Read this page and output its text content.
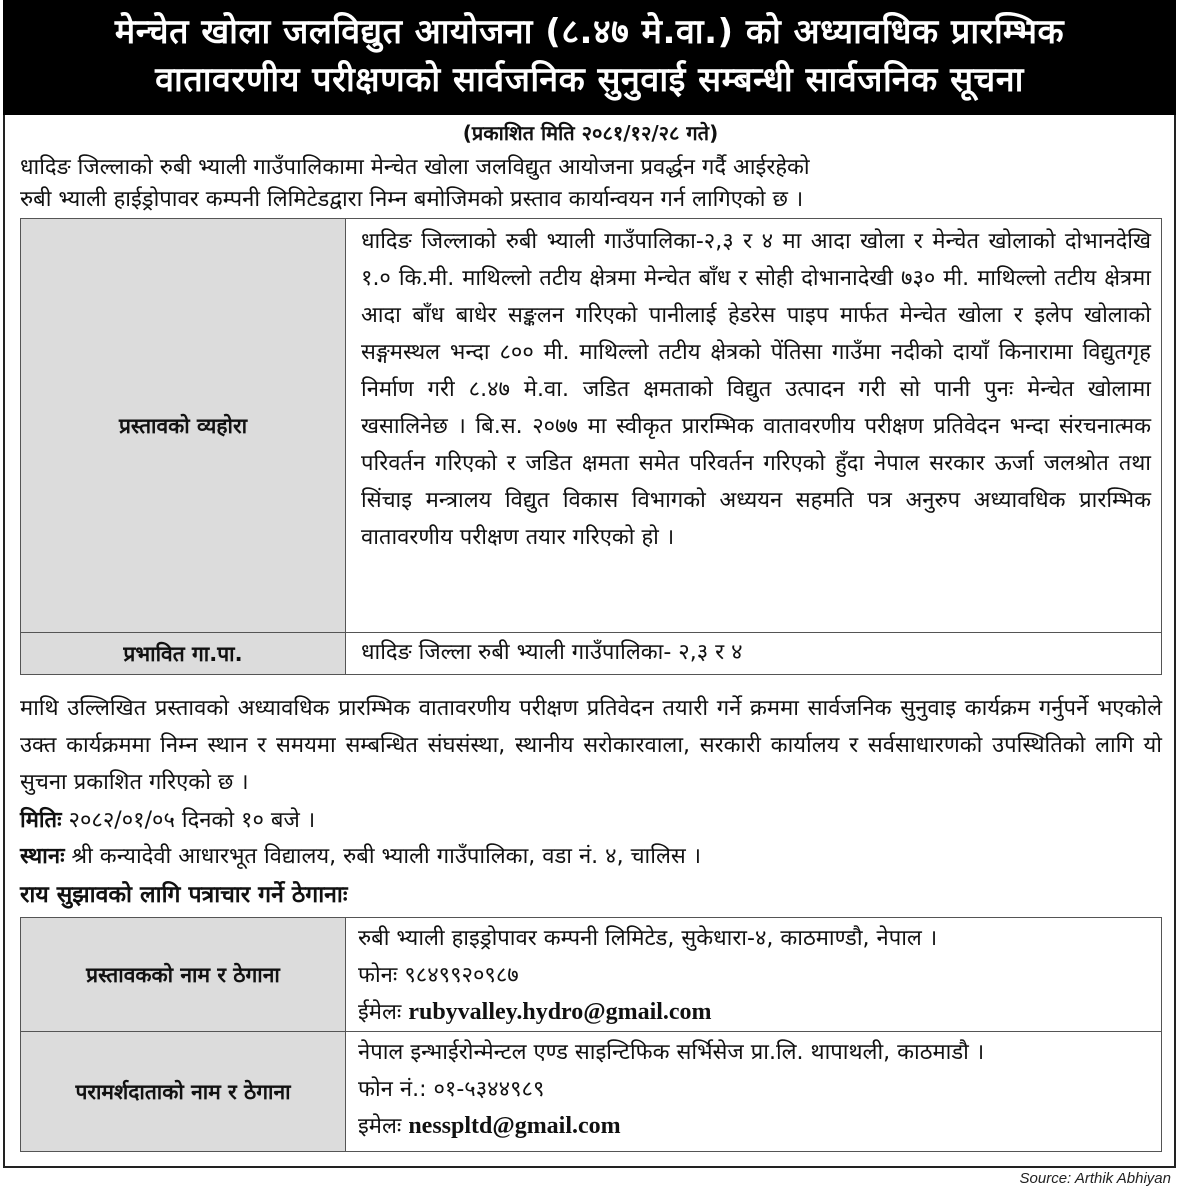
मेन्चेत खोला जलविद्युत आयोजना (८.४७ मे.वा.) को अध्यावधिक प्रारम्भिक
वातावरणीय परीक्षणको सार्वजनिक सुनुवाई सम्बन्धी सार्वजनिक सूचना
(प्रकाशित मिति २०८१/१२/२८ गते)
धादिङ जिल्लाको रुबी भ्याली गाउँपालिकामा मेन्चेत खोला जलविद्युत आयोजना प्रवर्द्धन गर्दै आईरहेको
रुबी भ्याली हाईड्रोपावर कम्पनी लिमिटेडद्वारा निम्न बमोजिमको प्रस्ताव कार्यान्वयन गर्न लागिएको छ ।
प्रस्तावको व्यहोरा	धादिङ जिल्लाको रुबी भ्याली गाउँपालिका-२,३ र ४ मा आदा खोला र मेन्चेत खोलाको दोभानदेखि १.० कि.मी. माथिल्लो तटीय क्षेत्रमा मेन्चेत बाँध र सोही दोभानादेखी ७३० मी. माथिल्लो तटीय क्षेत्रमा आदा बाँध बाधेर सङ्कलन गरिएको पानीलाई हेडरेस पाइप मार्फत मेन्चेत खोला र इलेप खोलाको सङ्गमस्थल भन्दा ८०० मी. माथिल्लो तटीय क्षेत्रको पेंतिसा गाउँमा नदीको दायाँ किनारामा विद्युतगृह निर्माण गरी ८.४७ मे.वा. जडित क्षमताको विद्युत उत्पादन गरी सो पानी पुनः मेन्चेत खोलामा खसालिनेछ । बि.स. २०७७ मा स्वीकृत प्रारम्भिक वातावरणीय परीक्षण प्रतिवेदन भन्दा संरचनात्मक परिवर्तन गरिएको र जडित क्षमता समेत परिवर्तन गरिएको हुँदा नेपाल सरकार ऊर्जा जलश्रोत तथा सिंचाइ मन्त्रालय विद्युत विकास विभागको अध्ययन सहमति पत्र अनुरुप अध्यावधिक प्रारम्भिक वातावरणीय परीक्षण तयार गरिएको हो ।
प्रभावित गा.पा.	धादिङ जिल्ला रुबी भ्याली गाउँपालिका- २,३ र ४
माथि उल्लिखित प्रस्तावको अध्यावधिक प्रारम्भिक वातावरणीय परीक्षण प्रतिवेदन तयारी गर्ने क्रममा सार्वजनिक सुनुवाइ कार्यक्रम गर्नुपर्ने भएकोले उक्त कार्यक्रममा निम्न स्थान र समयमा सम्बन्धित संघसंस्था, स्थानीय सरोकारवाला, सरकारी कार्यालय र सर्वसाधारणको उपस्थितिको लागि यो सुचना प्रकाशित गरिएको छ ।
मितिः २०८२/०१/०५ दिनको १० बजे ।
स्थानः श्री कन्यादेवी आधारभूत विद्यालय, रुबी भ्याली गाउँपालिका, वडा नं. ४, चालिस ।
राय सुझावको लागि पत्राचार गर्ने ठेगानाः
प्रस्तावकको नाम र ठेगाना	रुबी भ्याली हाइड्रोपावर कम्पनी लिमिटेड, सुकेधारा-४, काठमाण्डौ, नेपाल ।
फोनः ९८४९९२०९८७
ईमेलः rubyvalley.hydro@gmail.com

परामर्शदाताको नाम र ठेगाना	नेपाल इन्भाईरोन्मेन्टल एण्ड साइन्टिफिक सर्भिसेज प्रा.लि. थापाथली, काठमाडौ ।
फोन नं.: ०१-५३४४९८९
इमेलः nesspltd@gmail.com
Source: Arthik Abhiyan
